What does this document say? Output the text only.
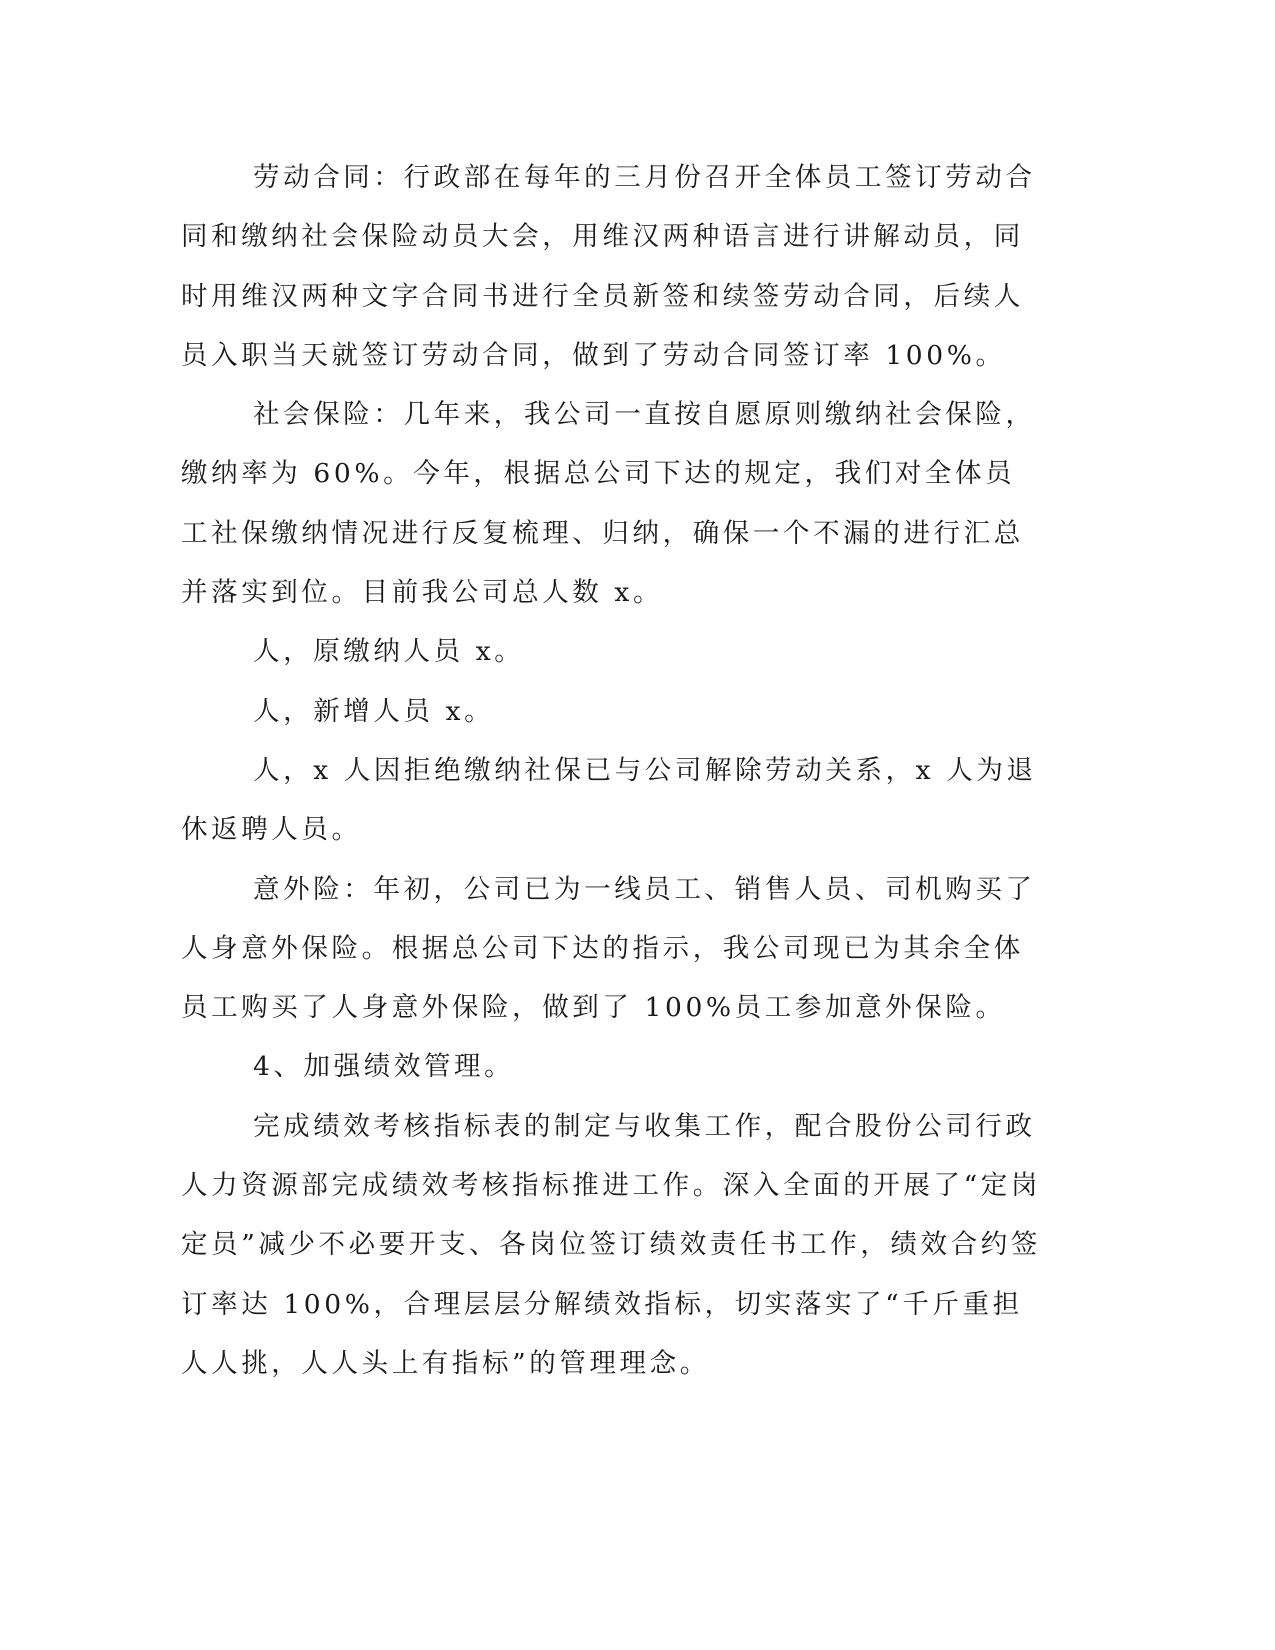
劳动合同：行政部在每年的三月份召开全体员工签订劳动合同和缴纳社会保险动员大会，用维汉两种语言进行讲解动员，同时用维汉两种文字合同书进行全员新签和续签劳动合同，后续人员入职当天就签订劳动合同，做到了劳动合同签订率 100%。

社会保险：几年来，我公司一直按自愿原则缴纳社会保险，缴纳率为 60%。今年，根据总公司下达的规定，我们对全体员工社保缴纳情况进行反复梳理、归纳，确保一个不漏的进行汇总并落实到位。目前我公司总人数 x。

人，原缴纳人员 x。

人，新增人员 x。

人，x 人因拒绝缴纳社保已与公司解除劳动关系，x 人为退休返聘人员。

意外险：年初，公司已为一线员工、销售人员、司机购买了人身意外保险。根据总公司下达的指示，我公司现已为其余全体员工购买了人身意外保险，做到了 100%员工参加意外保险。

4、加强绩效管理。

完成绩效考核指标表的制定与收集工作，配合股份公司行政人力资源部完成绩效考核指标推进工作。深入全面的开展了“定岗定员”减少不必要开支、各岗位签订绩效责任书工作，绩效合约签订率达 100%，合理层层分解绩效指标，切实落实了“千斤重担人人挑，人人头上有指标”的管理理念。
